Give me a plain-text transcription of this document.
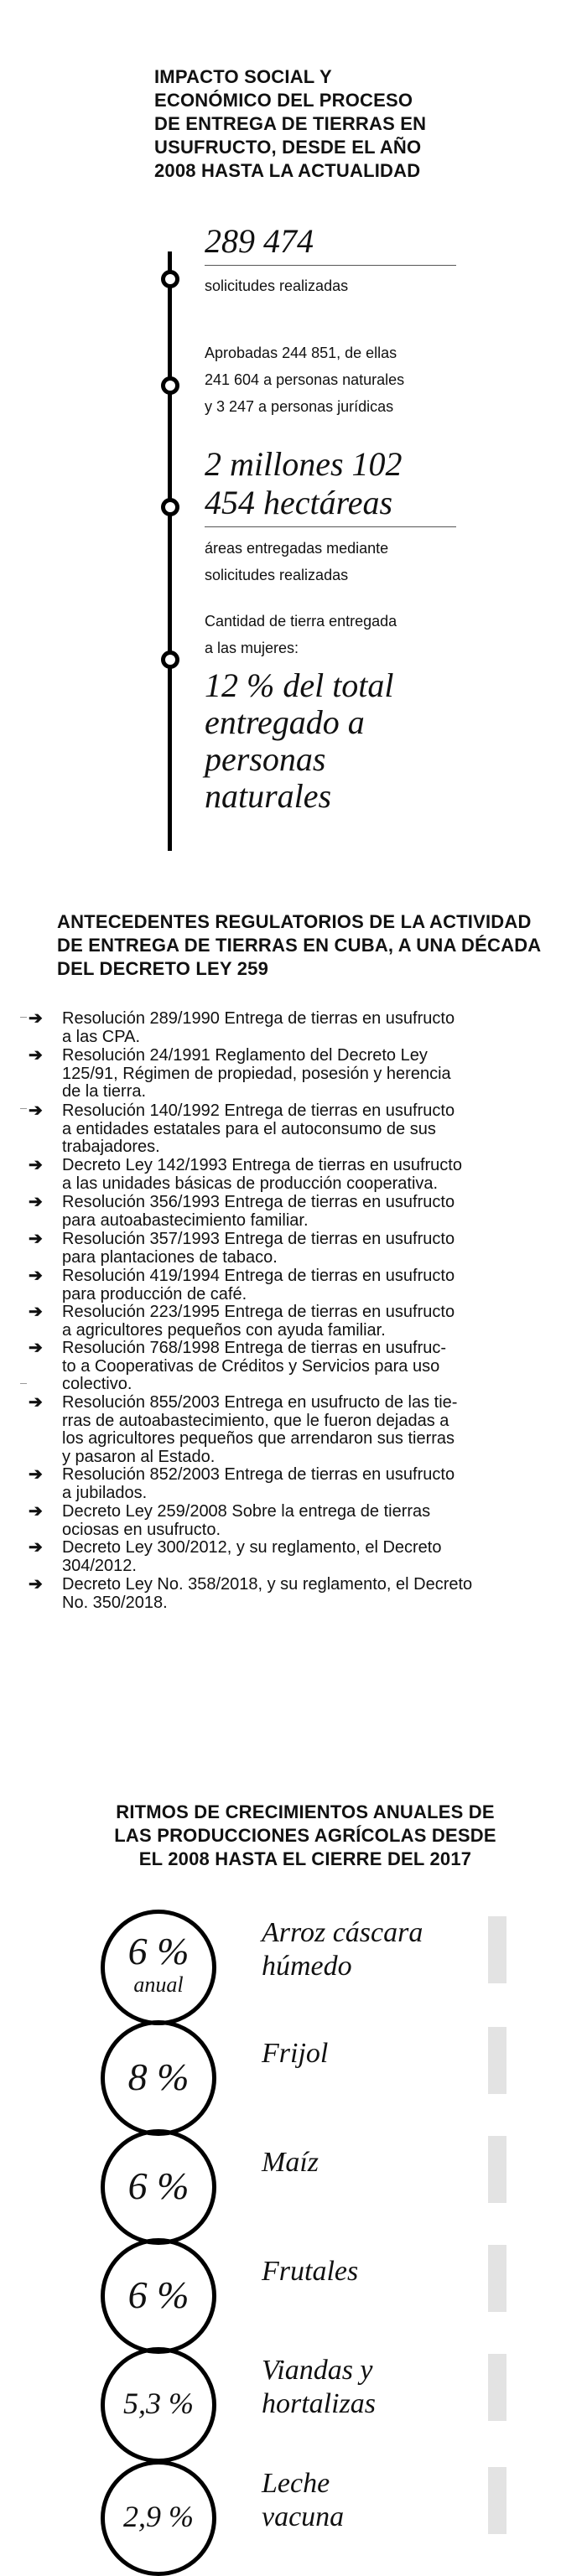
IMPACTO SOCIAL Y
ECONÓMICO DEL PROCESO
DE ENTREGA DE TIERRAS EN
USUFRUCTO, DESDE EL AÑO
2008 HASTA LA ACTUALIDAD
289 474
solicitudes realizadas
Aprobadas 244 851, de ellas
241 604 a personas naturales
y 3 247 a personas jurídicas
2 millones 102
454 hectáreas
áreas entregadas mediante
solicitudes realizadas
Cantidad de tierra entregada
a las mujeres:
12 % del total
entregado a
personas
naturales
ANTECEDENTES REGULATORIOS DE LA ACTIVIDAD
DE ENTREGA DE TIERRAS EN CUBA, A UNA DÉCADA
DEL DECRETO LEY 259
➔ Resolución 289/1990 Entrega de tierras en usufructo
a las CPA.
➔ Resolución 24/1991 Reglamento del Decreto Ley
125/91, Régimen de propiedad, posesión y herencia
de la tierra.
➔ Resolución 140/1992 Entrega de tierras en usufructo
a entidades estatales para el autoconsumo de sus
trabajadores.
➔ Decreto Ley 142/1993 Entrega de tierras en usufructo
a las unidades básicas de producción cooperativa.
➔ Resolución 356/1993 Entrega de tierras en usufructo
para autoabastecimiento familiar.
➔ Resolución 357/1993 Entrega de tierras en usufructo
para plantaciones de tabaco.
➔ Resolución 419/1994 Entrega de tierras en usufructo
para producción de café.
➔ Resolución 223/1995 Entrega de tierras en usufructo
a agricultores pequeños con ayuda familiar.
➔ Resolución 768/1998 Entrega de tierras en usufruc-
to a Cooperativas de Créditos y Servicios para uso
colectivo.
➔ Resolución 855/2003 Entrega en usufructo de las tie-
rras de autoabastecimiento, que le fueron dejadas a
los agricultores pequeños que arrendaron sus tierras
y pasaron al Estado.
➔ Resolución 852/2003 Entrega de tierras en usufructo
a jubilados.
➔ Decreto Ley 259/2008 Sobre la entrega de tierras
ociosas en usufructo.
➔ Decreto Ley 300/2012, y su reglamento, el Decreto
304/2012.
➔ Decreto Ley No. 358/2018, y su reglamento, el Decreto
No. 350/2018.
RITMOS DE CRECIMIENTOS ANUALES DE
LAS PRODUCCIONES AGRÍCOLAS DESDE
EL 2008 HASTA EL CIERRE DEL 2017
6 %
anual
Arroz cáscara
húmedo
8 %
Frijol
6 %
Maíz
6 %
Frutales
5,3 %
Viandas y
hortalizas
2,9 %
Leche
vacuna
